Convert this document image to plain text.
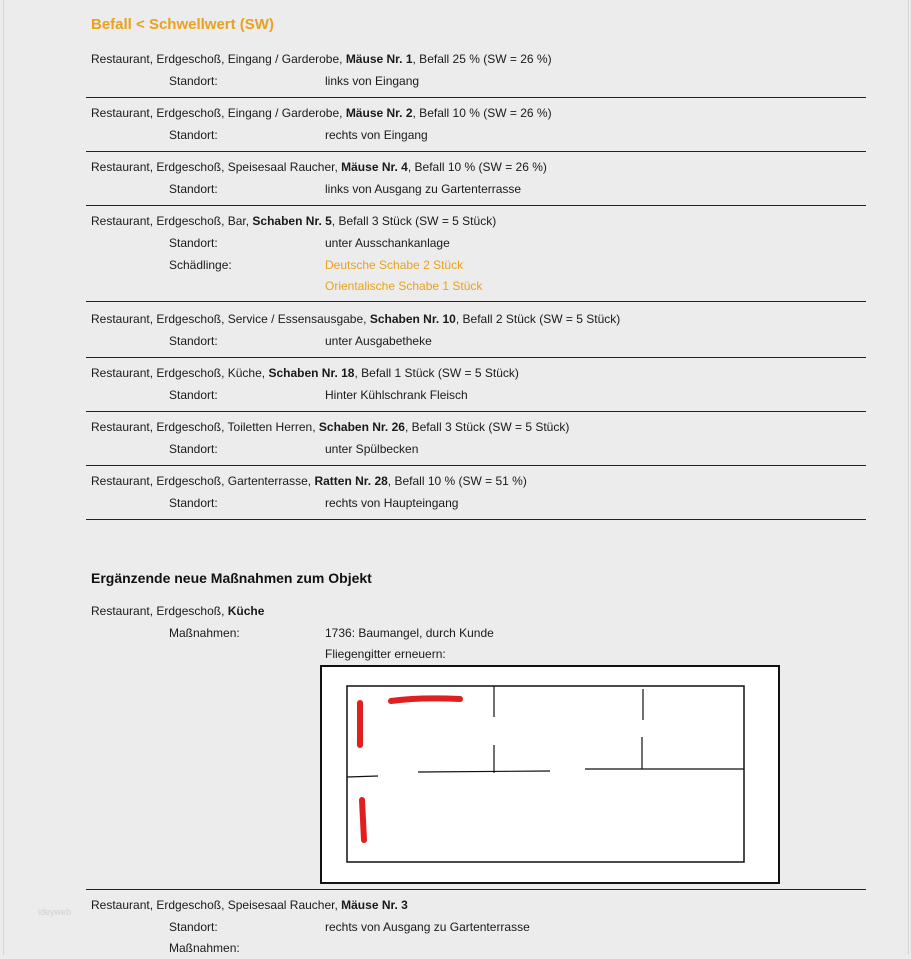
Befall < Schwellwert (SW)
Restaurant, Erdgeschoß, Eingang / Garderobe, Mäuse Nr. 1, Befall 25 % (SW = 26 %)
Standort:	links von Eingang
Restaurant, Erdgeschoß, Eingang / Garderobe, Mäuse Nr. 2, Befall 10 % (SW = 26 %)
Standort:	rechts von Eingang
Restaurant, Erdgeschoß, Speisesaal Raucher, Mäuse Nr. 4, Befall 10 % (SW = 26 %)
Standort:	links von Ausgang zu Gartenterrasse
Restaurant, Erdgeschoß, Bar, Schaben Nr. 5, Befall 3 Stück (SW = 5 Stück)
Standort:	unter Ausschankanlage
Schädlinge:	Deutsche Schabe 2 Stück
Orientalische Schabe 1 Stück
Restaurant, Erdgeschoß, Service / Essensausgabe, Schaben Nr. 10, Befall 2 Stück (SW = 5 Stück)
Standort:	unter Ausgabetheke
Restaurant, Erdgeschoß, Küche, Schaben Nr. 18, Befall 1 Stück (SW = 5 Stück)
Standort:	Hinter Kühlschrank Fleisch
Restaurant, Erdgeschoß, Toiletten Herren, Schaben Nr. 26, Befall 3 Stück (SW = 5 Stück)
Standort:	unter Spülbecken
Restaurant, Erdgeschoß, Gartenterrasse, Ratten Nr. 28, Befall 10 % (SW = 51 %)
Standort:	rechts von Haupteingang
Ergänzende neue Maßnahmen zum Objekt
Restaurant, Erdgeschoß, Küche
Maßnahmen:	1736: Baumangel, durch Kunde
Fliegengitter erneuern:
Restaurant, Erdgeschoß, Speisesaal Raucher, Mäuse Nr. 3
Standort:	rechts von Ausgang zu Gartenterrasse
Maßnahmen:
ideyweb
